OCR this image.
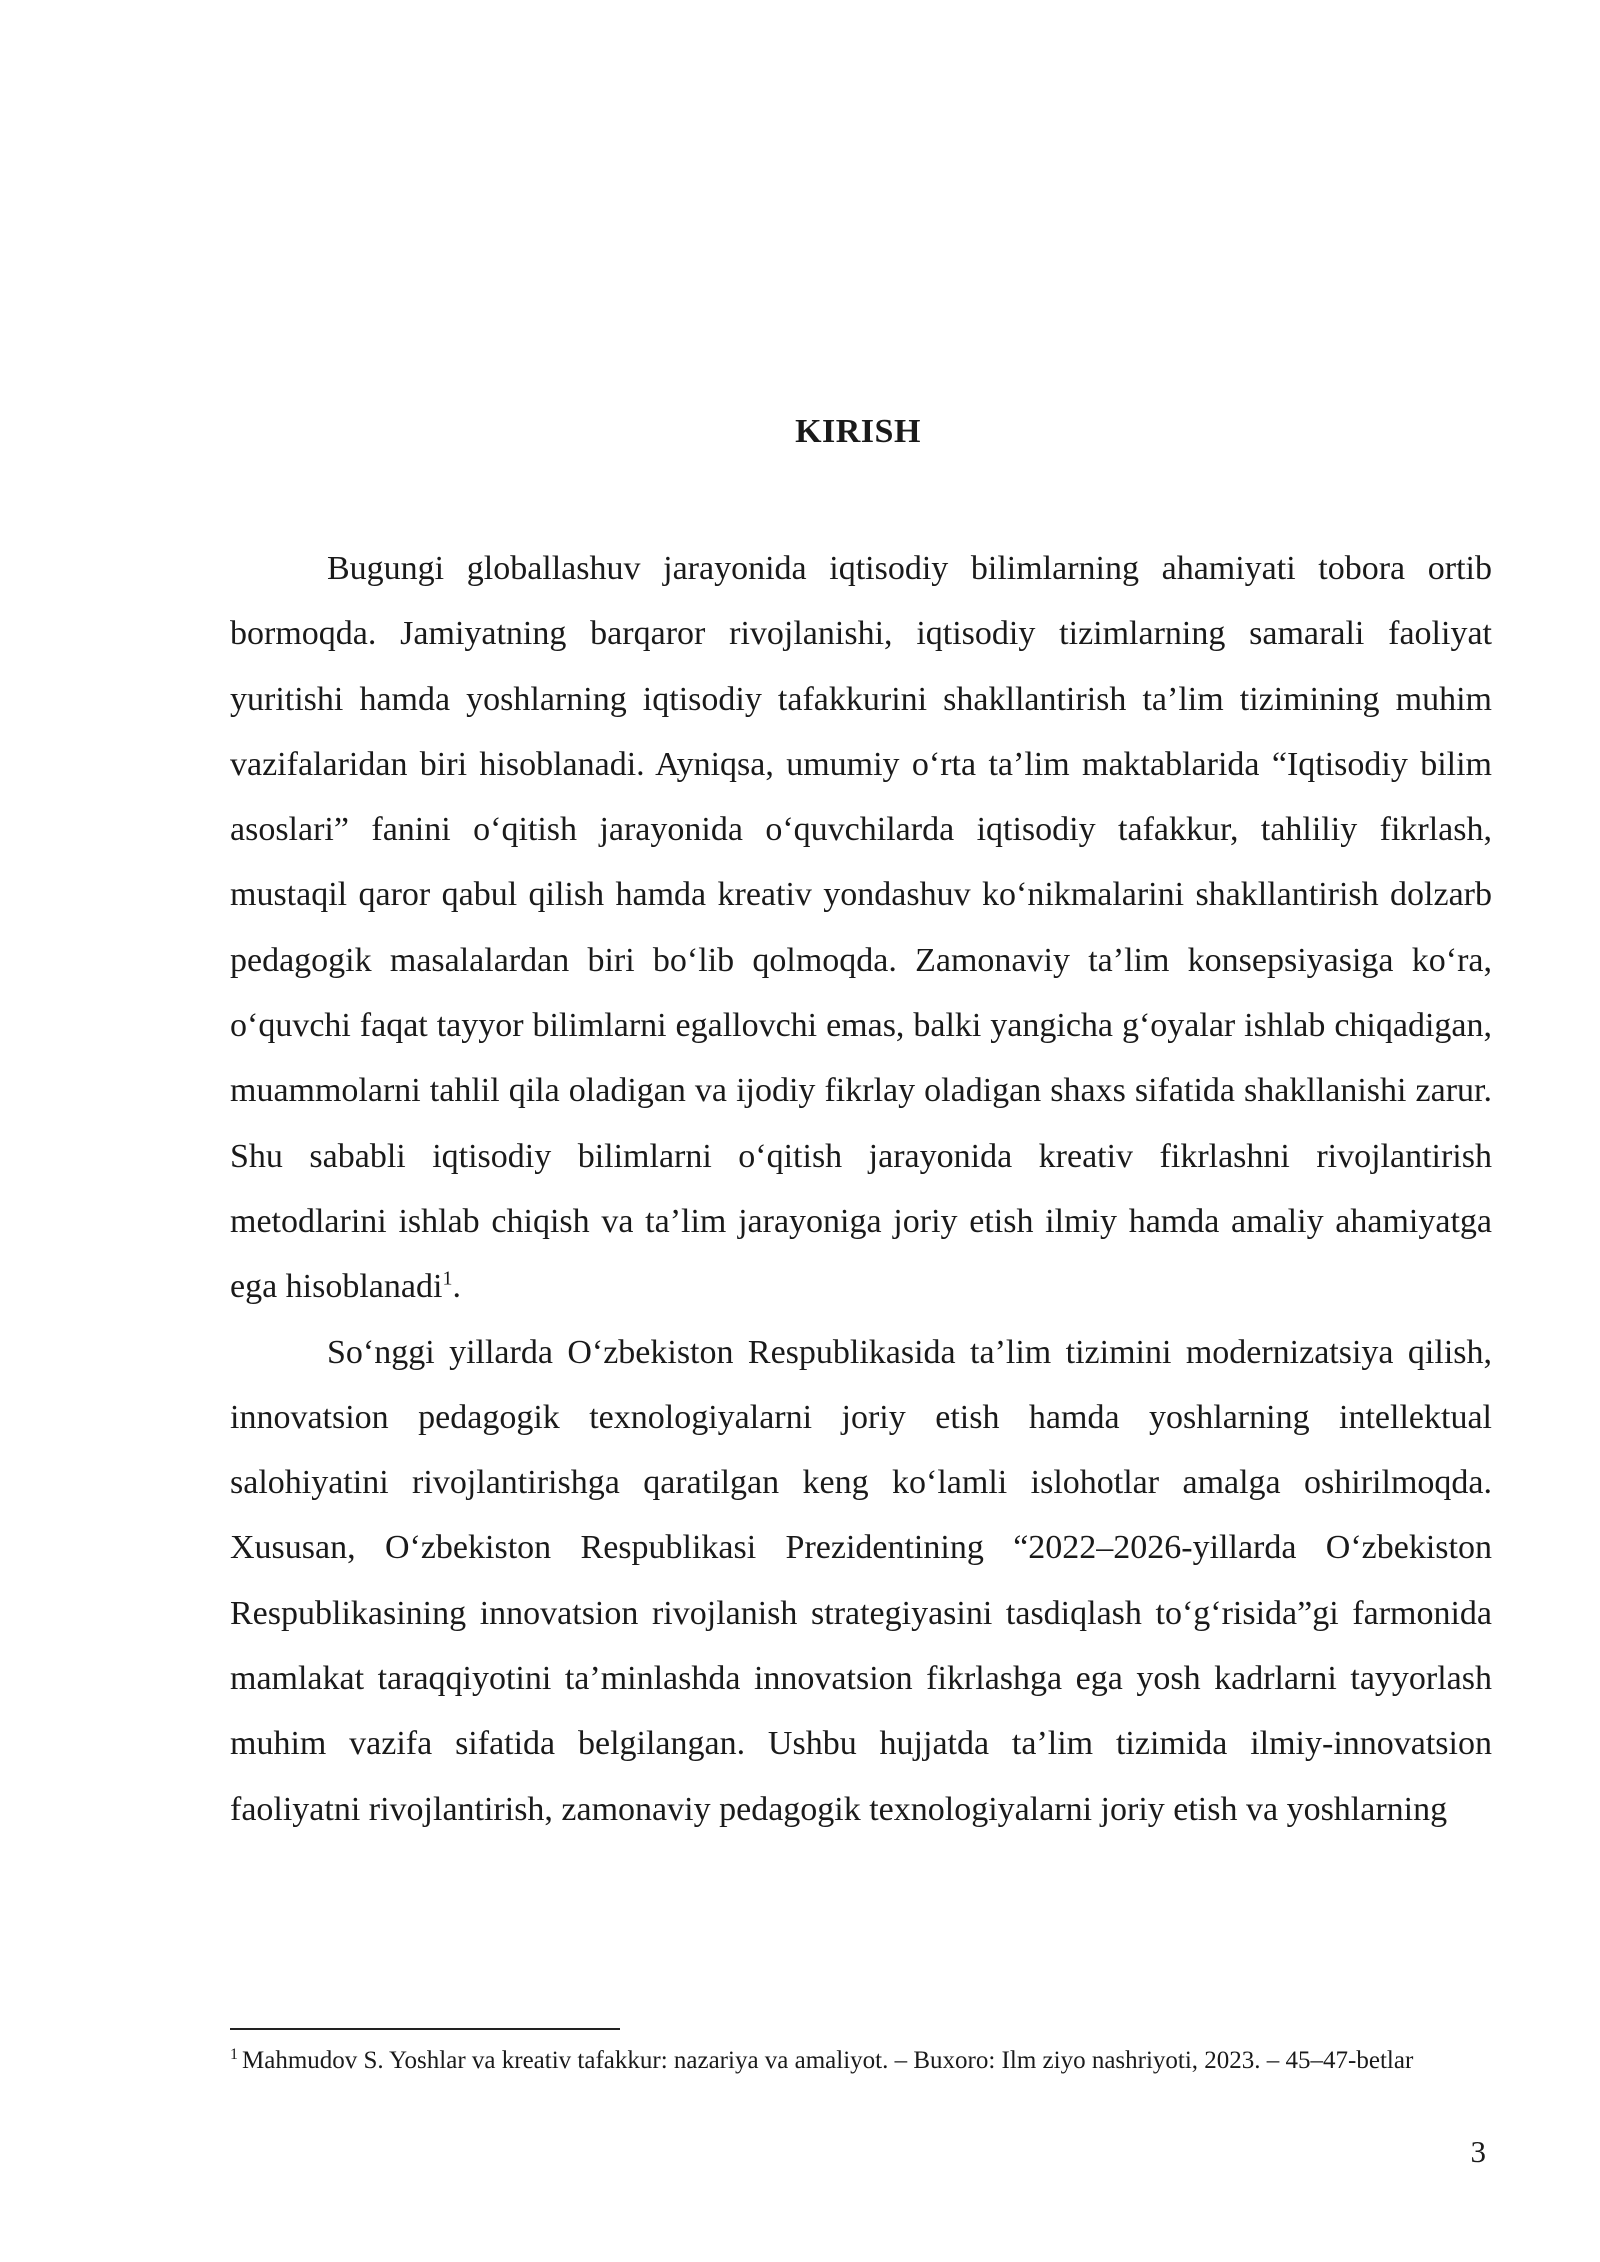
KIRISH

Bugungi globallashuv jarayonida iqtisodiy bilimlarning ahamiyati tobora ortib bormoqda. Jamiyatning barqaror rivojlanishi, iqtisodiy tizimlarning samarali faoliyat yuritishi hamda yoshlarning iqtisodiy tafakkurini shakllantirish ta’lim tizimining muhim vazifalaridan biri hisoblanadi. Ayniqsa, umumiy o‘rta ta’lim maktablarida “Iqtisodiy bilim asoslari” fanini o‘qitish jarayonida o‘quvchilarda iqtisodiy tafakkur, tahliliy fikrlash, mustaqil qaror qabul qilish hamda kreativ yondashuv ko‘nikmalarini shakllantirish dolzarb pedagogik masalalardan biri bo‘lib qolmoqda. Zamonaviy ta’lim konsepsiyasiga ko‘ra, o‘quvchi faqat tayyor bilimlarni egallovchi emas, balki yangicha g‘oyalar ishlab chiqadigan, muammolarni tahlil qila oladigan va ijodiy fikrlay oladigan shaxs sifatida shakllanishi zarur. Shu sababli iqtisodiy bilimlarni o‘qitish jarayonida kreativ fikrlashni rivojlantirish metodlarini ishlab chiqish va ta’lim jarayoniga joriy etish ilmiy hamda amaliy ahamiyatga ega hisoblanadi$^1$.

So‘nggi yillarda O‘zbekiston Respublikasida ta’lim tizimini modernizatsiya qilish, innovatsion pedagogik texnologiyalarni joriy etish hamda yoshlarning intellektual salohiyatini rivojlantirishga qaratilgan keng ko‘lamli islohotlar amalga oshirilmoqda. Xususan, O‘zbekiston Respublikasi Prezidentining “2022–2026-yillarda O‘zbekiston Respublikasining innovatsion rivojlanish strategiyasini tasdiqlash to‘g‘risida”gi farmonida mamlakat taraqqiyotini ta’minlashda innovatsion fikrlashga ega yosh kadrlarni tayyorlash muhim vazifa sifatida belgilangan. Ushbu hujjatda ta’lim tizimida ilmiy-innovatsion faoliyatni rivojlantirish, zamonaviy pedagogik texnologiyalarni joriy etish va yoshlarning

$^1$ Mahmudov S. Yoshlar va kreativ tafakkur: nazariya va amaliyot. – Buxoro: Ilm ziyo nashriyoti, 2023. – 45–47-betlar
3
